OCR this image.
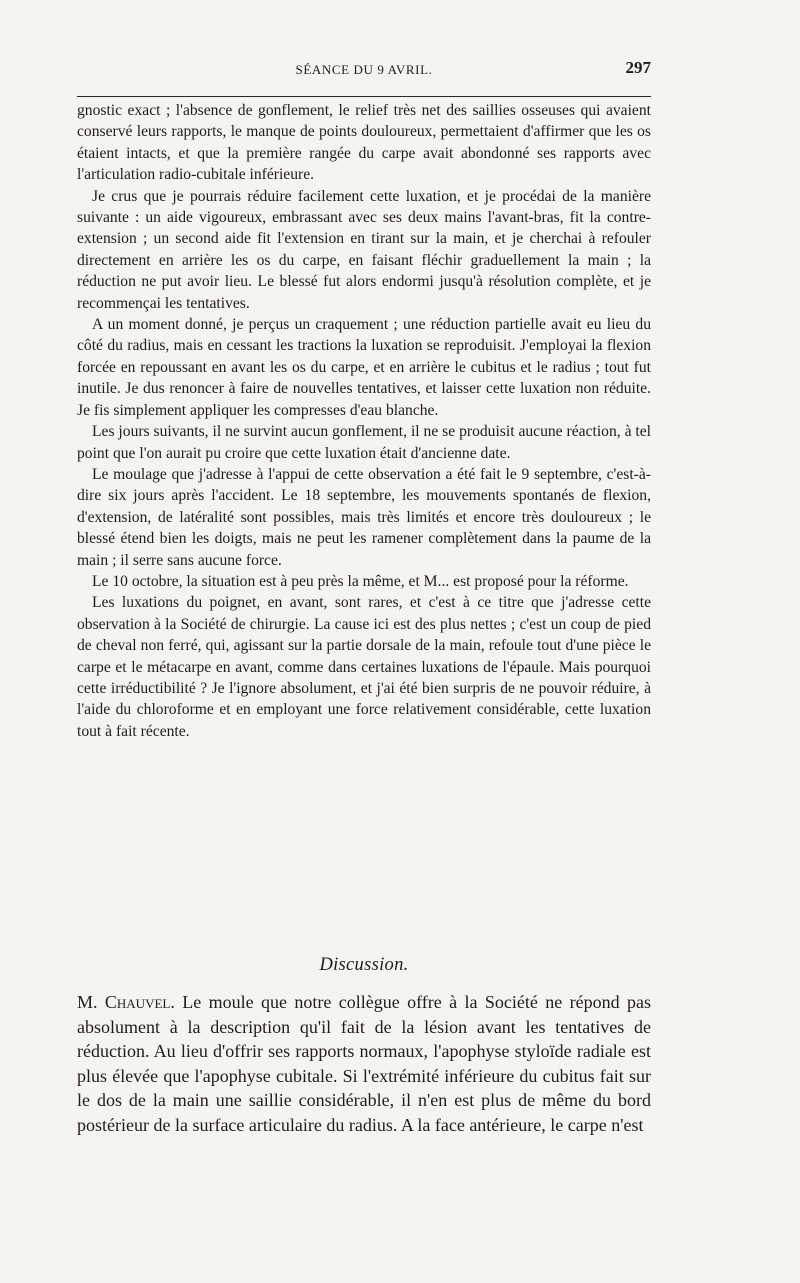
SÉANCE DU 9 AVRIL.	297

gnostic exact ; l'absence de gonflement, le relief très net des saillies osseuses qui avaient conservé leurs rapports, le manque de points douloureux, permettaient d'affirmer que les os étaient intacts, et que la première rangée du carpe avait abondonné ses rapports avec l'articulation radio-cubitale inférieure.

Je crus que je pourrais réduire facilement cette luxation, et je procédai de la manière suivante : un aide vigoureux, embrassant avec ses deux mains l'avant-bras, fit la contre-extension ; un second aide fit l'extension en tirant sur la main, et je cherchai à refouler directement en arrière les os du carpe, en faisant fléchir graduellement la main ; la réduction ne put avoir lieu. Le blessé fut alors endormi jusqu'à résolution complète, et je recommençai les tentatives.

A un moment donné, je perçus un craquement ; une réduction partielle avait eu lieu du côté du radius, mais en cessant les tractions la luxation se reproduisit. J'employai la flexion forcée en repoussant en avant les os du carpe, et en arrière le cubitus et le radius ; tout fut inutile. Je dus renoncer à faire de nouvelles tentatives, et laisser cette luxation non réduite. Je fis simplement appliquer les compresses d'eau blanche.

Les jours suivants, il ne survint aucun gonflement, il ne se produisit aucune réaction, à tel point que l'on aurait pu croire que cette luxation était d'ancienne date.

Le moulage que j'adresse à l'appui de cette observation a été fait le 9 septembre, c'est-à-dire six jours après l'accident. Le 18 septembre, les mouvements spontanés de flexion, d'extension, de latéralité sont possibles, mais très limités et encore très douloureux ; le blessé étend bien les doigts, mais ne peut les ramener complètement dans la paume de la main ; il serre sans aucune force.

Le 10 octobre, la situation est à peu près la même, et M... est proposé pour la réforme.

Les luxations du poignet, en avant, sont rares, et c'est à ce titre que j'adresse cette observation à la Société de chirurgie. La cause ici est des plus nettes ; c'est un coup de pied de cheval non ferré, qui, agissant sur la partie dorsale de la main, refoule tout d'une pièce le carpe et le métacarpe en avant, comme dans certaines luxations de l'épaule. Mais pourquoi cette irréductibilité ? Je l'ignore absolument, et j'ai été bien surpris de ne pouvoir réduire, à l'aide du chloroforme et en employant une force relativement considérable, cette luxation tout à fait récente.

Discussion.

M. Chauvel. Le moule que notre collègue offre à la Société ne répond pas absolument à la description qu'il fait de la lésion avant les tentatives de réduction. Au lieu d'offrir ses rapports normaux, l'apophyse styloïde radiale est plus élevée que l'apophyse cubitale. Si l'extrémité inférieure du cubitus fait sur le dos de la main une saillie considérable, il n'en est plus de même du bord postérieur de la surface articulaire du radius. A la face antérieure, le carpe n'est
